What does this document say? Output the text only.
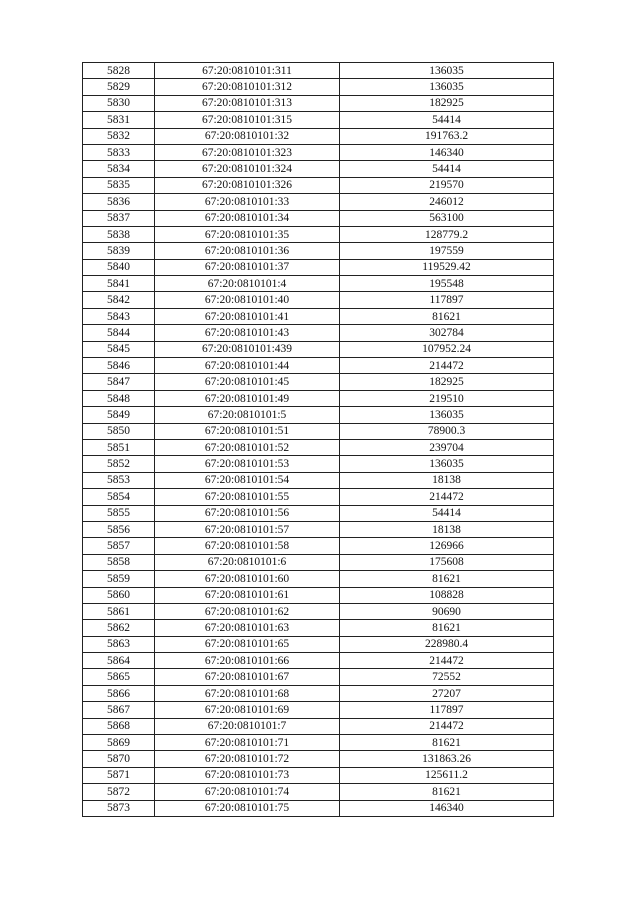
5828	67:20:0810101:311	136035
5829	67:20:0810101:312	136035
5830	67:20:0810101:313	182925
5831	67:20:0810101:315	54414
5832	67:20:0810101:32	191763.2
5833	67:20:0810101:323	146340
5834	67:20:0810101:324	54414
5835	67:20:0810101:326	219570
5836	67:20:0810101:33	246012
5837	67:20:0810101:34	563100
5838	67:20:0810101:35	128779.2
5839	67:20:0810101:36	197559
5840	67:20:0810101:37	119529.42
5841	67:20:0810101:4	195548
5842	67:20:0810101:40	117897
5843	67:20:0810101:41	81621
5844	67:20:0810101:43	302784
5845	67:20:0810101:439	107952.24
5846	67:20:0810101:44	214472
5847	67:20:0810101:45	182925
5848	67:20:0810101:49	219510
5849	67:20:0810101:5	136035
5850	67:20:0810101:51	78900.3
5851	67:20:0810101:52	239704
5852	67:20:0810101:53	136035
5853	67:20:0810101:54	18138
5854	67:20:0810101:55	214472
5855	67:20:0810101:56	54414
5856	67:20:0810101:57	18138
5857	67:20:0810101:58	126966
5858	67:20:0810101:6	175608
5859	67:20:0810101:60	81621
5860	67:20:0810101:61	108828
5861	67:20:0810101:62	90690
5862	67:20:0810101:63	81621
5863	67:20:0810101:65	228980.4
5864	67:20:0810101:66	214472
5865	67:20:0810101:67	72552
5866	67:20:0810101:68	27207
5867	67:20:0810101:69	117897
5868	67:20:0810101:7	214472
5869	67:20:0810101:71	81621
5870	67:20:0810101:72	131863.26
5871	67:20:0810101:73	125611.2
5872	67:20:0810101:74	81621
5873	67:20:0810101:75	146340
